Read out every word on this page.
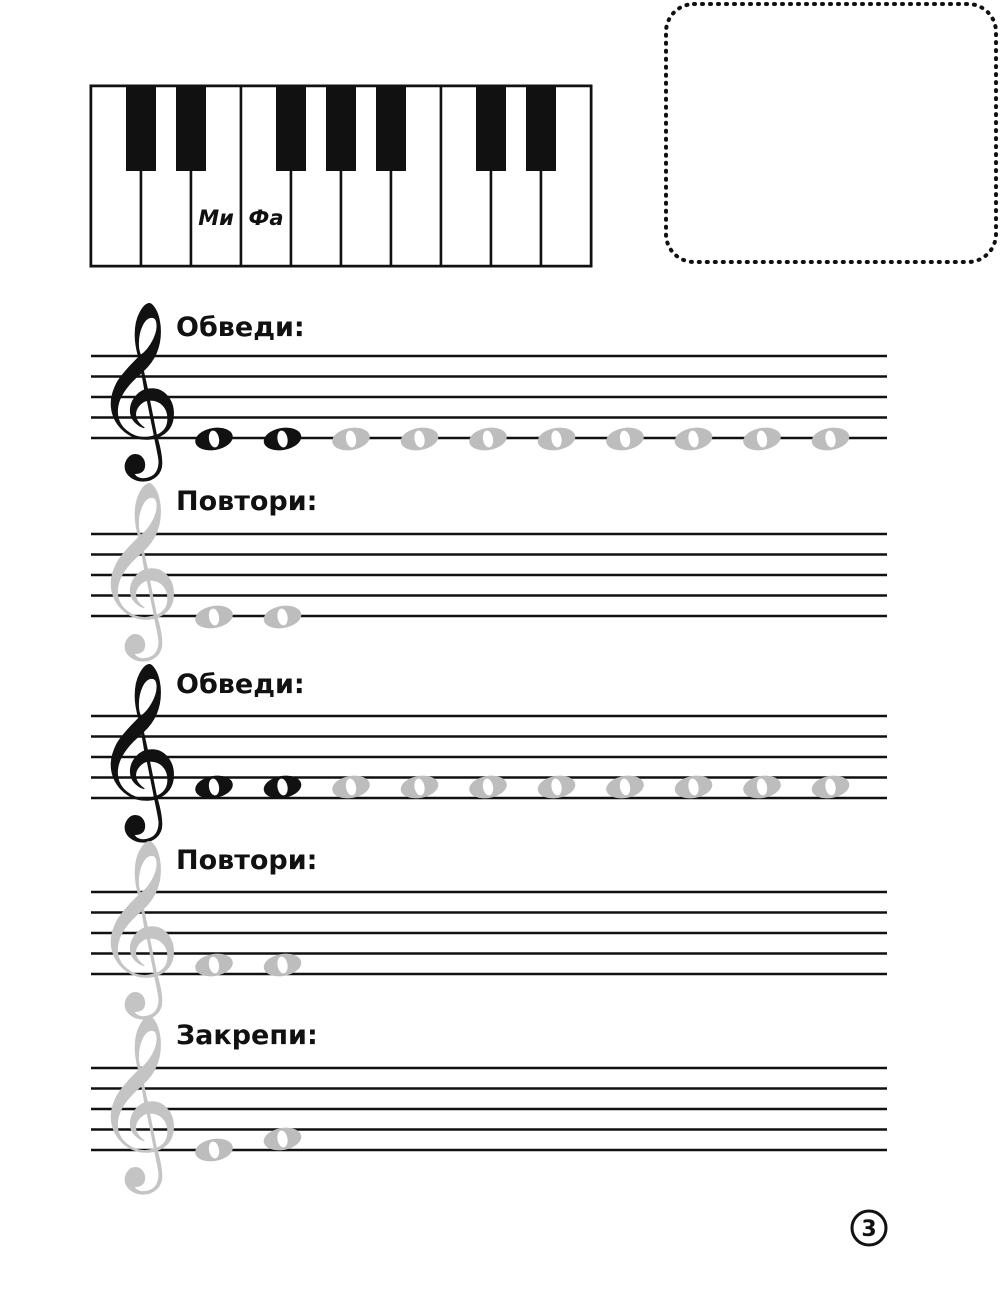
Ми Фа
Обведи:
𝄞
Повтори:
𝄞
Обведи:
𝄞
Повтори:
𝄞
Закрепи:
𝄞
3
